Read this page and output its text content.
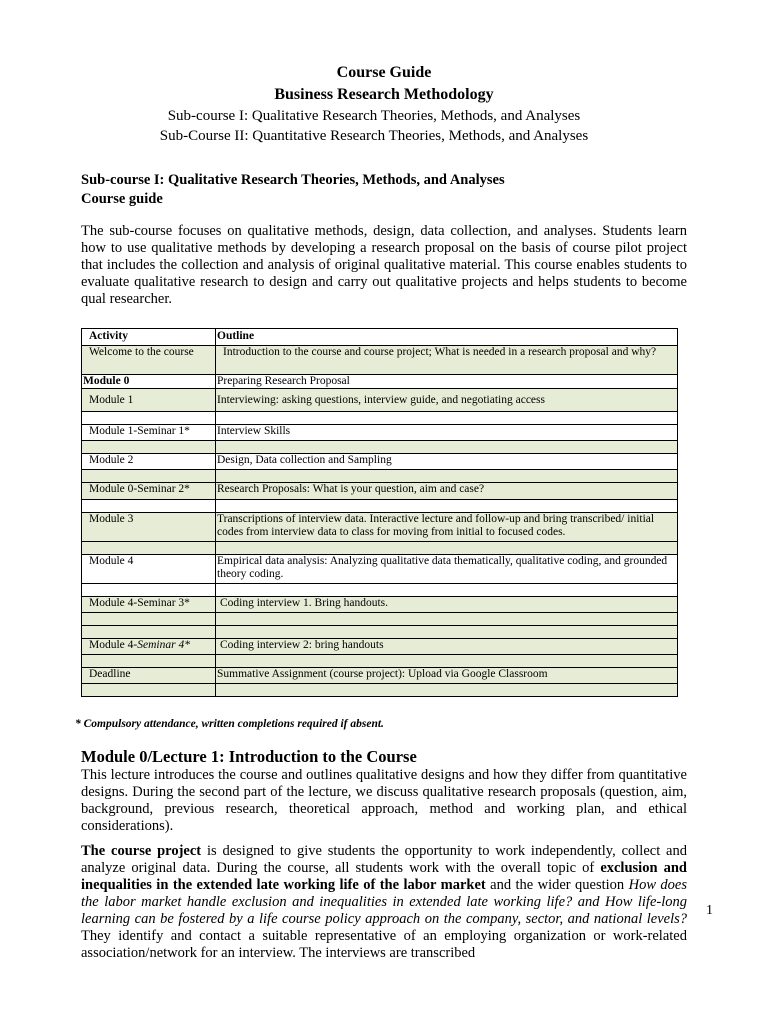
Course Guide
Business Research Methodology
Sub-course I: Qualitative Research Theories, Methods, and Analyses
Sub-Course II: Quantitative Research Theories, Methods, and Analyses
Sub-course I: Qualitative Research Theories, Methods, and Analyses
Course guide
The sub-course focuses on qualitative methods, design, data collection, and analyses. Students learn how to use qualitative methods by developing a research proposal on the basis of course pilot project that includes the collection and analysis of original qualitative material. This course enables students to evaluate qualitative research to design and carry out qualitative projects and helps students to become qual researcher.
Activity	Outline
Welcome to the course	Introduction to the course and course project; What is needed in a research proposal and why?
Module 0	Preparing Research Proposal
Module 1	Interviewing: asking questions, interview guide, and negotiating access

Module 1-Seminar 1*	Interview Skills

Module 2	Design, Data collection and Sampling

Module 0-Seminar 2*	Research Proposals: What is your question, aim and case?

Module 3	Transcriptions of interview data. Interactive lecture and follow-up and bring transcribed/ initial codes from interview data to class for moving from initial to focused codes.

Module 4	Empirical data analysis: Analyzing qualitative data thematically, qualitative coding, and grounded theory coding.

Module 4-Seminar 3*	Coding interview 1. Bring handouts.

Module 4-Seminar 4*	Coding interview 2: bring handouts

Deadline	Summative Assignment (course project): Upload via Google Classroom

* Compulsory attendance, written completions required if absent.
Module 0/Lecture 1: Introduction to the Course
This lecture introduces the course and outlines qualitative designs and how they differ from quantitative designs. During the second part of the lecture, we discuss qualitative research proposals (question, aim, background, previous research, theoretical approach, method and working plan, and ethical considerations).
The course project is designed to give students the opportunity to work independently, collect and analyze original data. During the course, all students work with the overall topic of exclusion and inequalities in the extended late working life of the labor market and the wider question How does the labor market handle exclusion and inequalities in extended late working life? and How life-long learning can be fostered by a life course policy approach on the company, sector, and national levels? They identify and contact a suitable representative of an employing organization or work-related association/network for an interview. The interviews are transcribed
1
